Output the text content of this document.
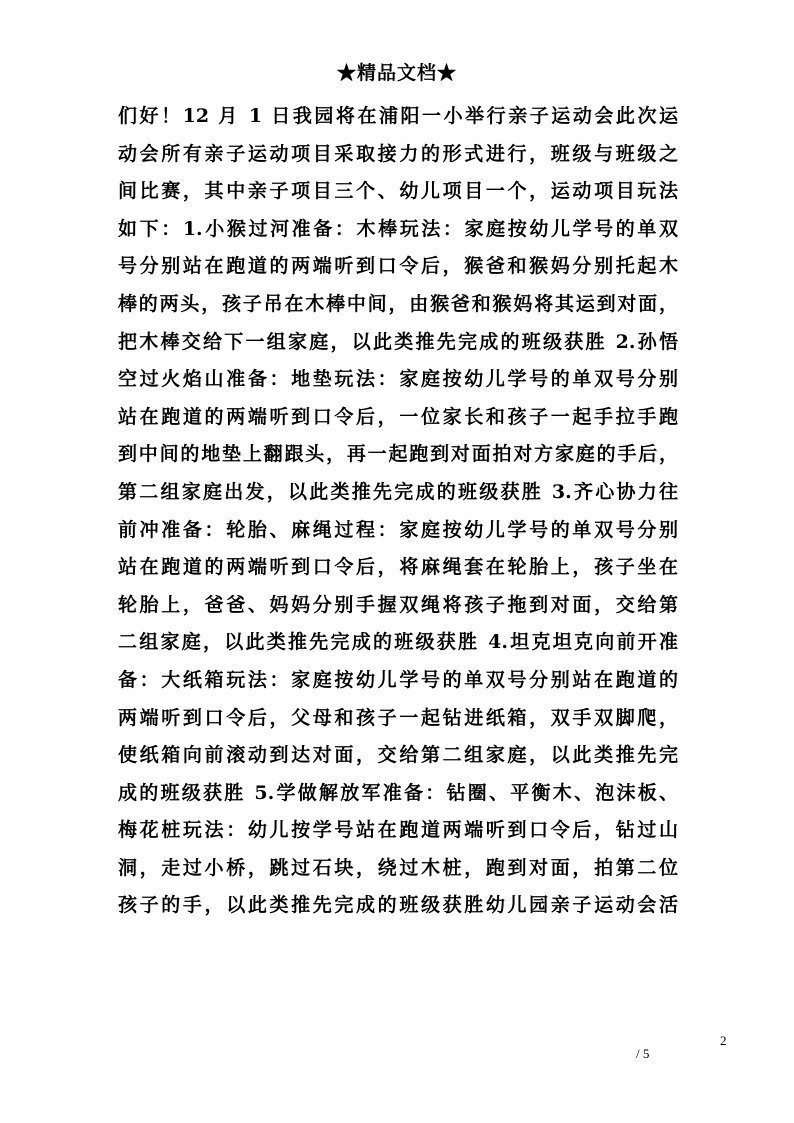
★精品文档★
们好！12 月 1 日我园将在浦阳一小举行亲子运动会此次运
动会所有亲子运动项目采取接力的形式进行，班级与班级之
间比赛，其中亲子项目三个、幼儿项目一个，运动项目玩法
如下：1.小猴过河准备：木棒玩法：家庭按幼儿学号的单双
号分别站在跑道的两端听到口令后，猴爸和猴妈分别托起木
棒的两头，孩子吊在木棒中间，由猴爸和猴妈将其运到对面，
把木棒交给下一组家庭，以此类推先完成的班级获胜 2.孙悟
空过火焰山准备：地垫玩法：家庭按幼儿学号的单双号分别
站在跑道的两端听到口令后，一位家长和孩子一起手拉手跑
到中间的地垫上翻跟头，再一起跑到对面拍对方家庭的手后，
第二组家庭出发，以此类推先完成的班级获胜 3.齐心协力往
前冲准备：轮胎、麻绳过程：家庭按幼儿学号的单双号分别
站在跑道的两端听到口令后，将麻绳套在轮胎上，孩子坐在
轮胎上，爸爸、妈妈分别手握双绳将孩子拖到对面，交给第
二组家庭，以此类推先完成的班级获胜 4.坦克坦克向前开准
备：大纸箱玩法：家庭按幼儿学号的单双号分别站在跑道的
两端听到口令后，父母和孩子一起钻进纸箱，双手双脚爬，
使纸箱向前滚动到达对面，交给第二组家庭，以此类推先完
成的班级获胜 5.学做解放军准备：钻圈、平衡木、泡沫板、
梅花桩玩法：幼儿按学号站在跑道两端听到口令后，钻过山
洞，走过小桥，跳过石块，绕过木桩，跑到对面，拍第二位
孩子的手，以此类推先完成的班级获胜幼儿园亲子运动会活
2
/ 5
